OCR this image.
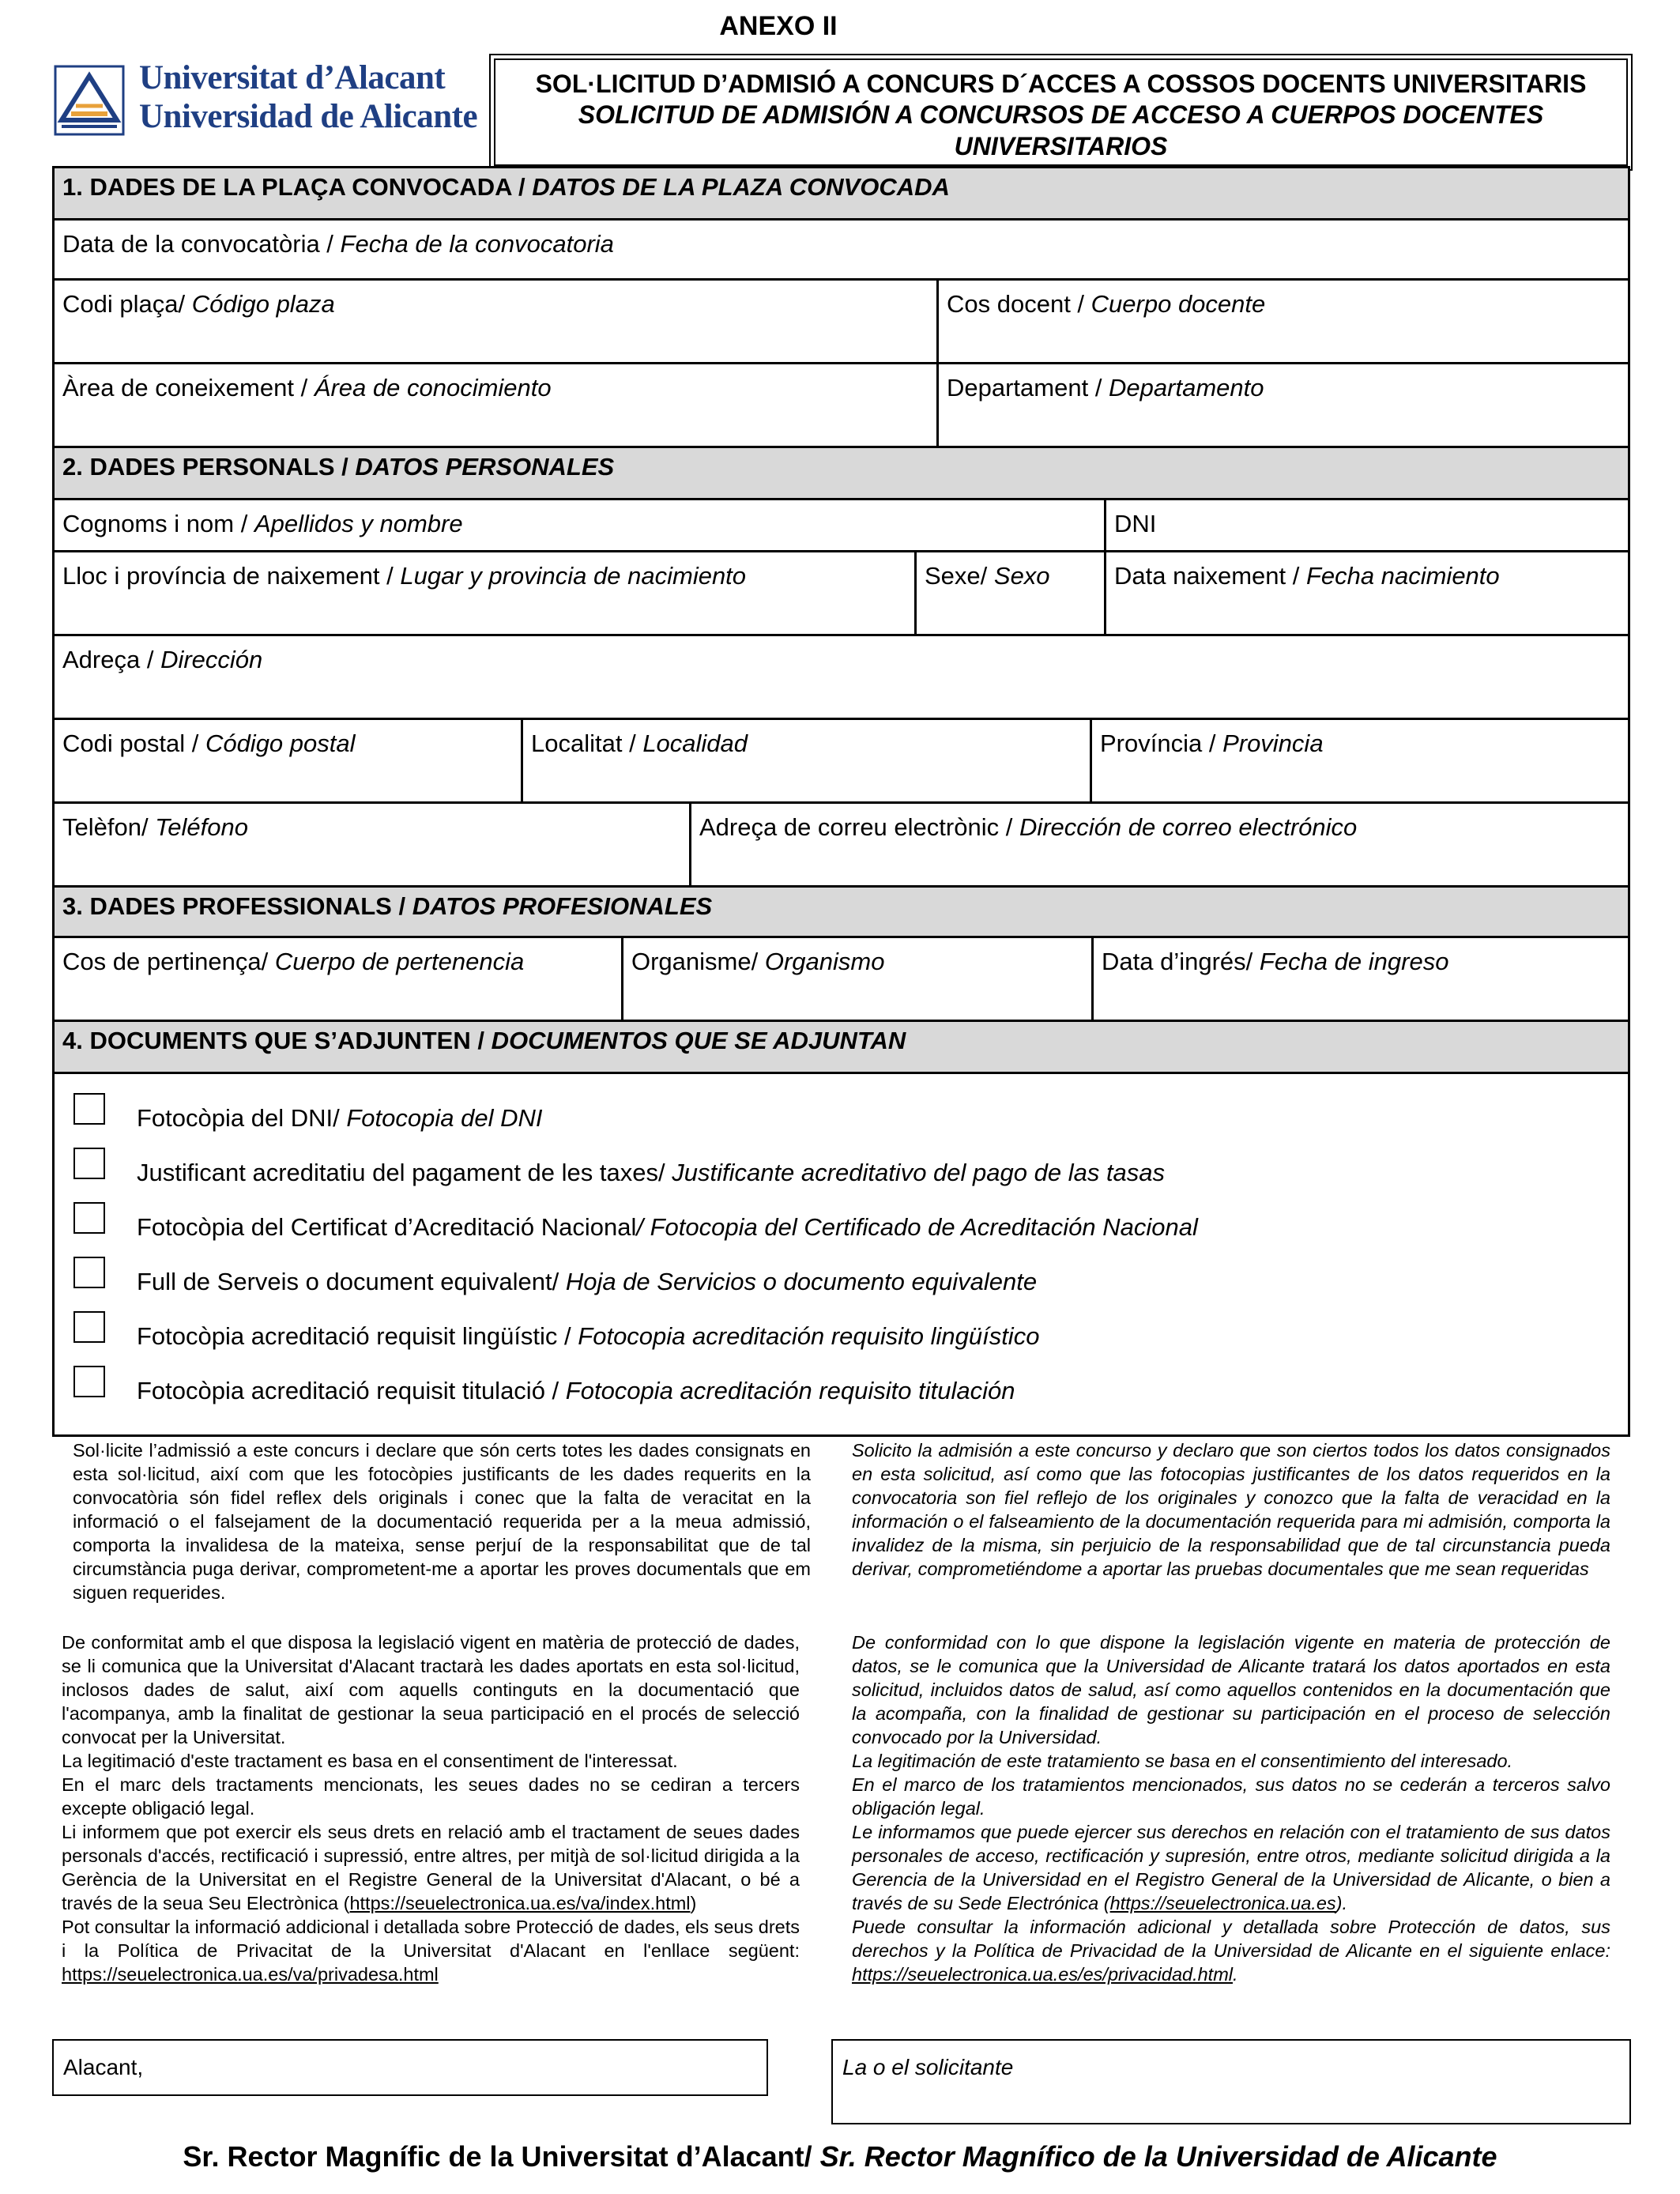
ANEXO II
Universitat d’Alacant
Universidad de Alicante
SOL·LICITUD D’ADMISIÓ A CONCURS D´ACCES A COSSOS DOCENTS UNIVERSITARIS
SOLICITUD DE ADMISIÓN A CONCURSOS DE ACCESO A CUERPOS DOCENTES
UNIVERSITARIOS
1. DADES DE LA PLAÇA CONVOCADA / DATOS DE LA PLAZA CONVOCADA
Data de la convocatòria / Fecha de la convocatoria
Codi plaça/ Código plaza	Cos docent / Cuerpo docente
Àrea de coneixement / Área de conocimiento	Departament / Departamento
2. DADES PERSONALS / DATOS PERSONALES
Cognoms i nom / Apellidos y nombre	DNI
Lloc i província de naixement / Lugar y provincia de nacimiento	Sexe/ Sexo	Data naixement / Fecha nacimiento
Adreça / Dirección
Codi postal / Código postal	Localitat / Localidad	Província / Provincia
Telèfon/ Teléfono	Adreça de correu electrònic / Dirección de correo electrónico
3. DADES PROFESSIONALS / DATOS PROFESIONALES
Cos de pertinença/ Cuerpo de pertenencia	Organisme/ Organismo	Data d’ingrés/ Fecha de ingreso
4. DOCUMENTS QUE S’ADJUNTEN / DOCUMENTOS QUE SE ADJUNTAN
Fotocòpia del DNI/ Fotocopia del DNI
Justificant acreditatiu del pagament de les taxes/ Justificante acreditativo del pago de las tasas
Fotocòpia del Certificat d’Acreditació Nacional/ Fotocopia del Certificado de Acreditación Nacional
Full de Serveis o document equivalent/ Hoja de Servicios o documento equivalente
Fotocòpia acreditació requisit lingüístic / Fotocopia acreditación requisito lingüístico
Fotocòpia acreditació requisit titulació / Fotocopia acreditación requisito titulación
Sol·licite l’admissió a este concurs i declare que són certs totes les dades consignats en esta sol·licitud, així com que les fotocòpies justificants de les dades requerits en la convocatòria són fidel reflex dels originals i conec que la falta de veracitat en la informació o el falsejament de la documentació requerida per a la meua admissió, comporta la invalidesa de la mateixa, sense perjuí de la responsabilitat que de tal circumstància puga derivar, comprometent-me a aportar les proves documentals que em siguen requerides.
Solicito la admisión a este concurso y declaro que son ciertos todos los datos consignados en esta solicitud, así como que las fotocopias justificantes de los datos requeridos en la convocatoria son fiel reflejo de los originales y conozco que la falta de veracidad en la información o el falseamiento de la documentación requerida para mi admisión, comporta la invalidez de la misma, sin perjuicio de la responsabilidad que de tal circunstancia pueda derivar, comprometiéndome a aportar las pruebas documentales que me sean requeridas
De conformitat amb el que disposa la legislació vigent en matèria de protecció de dades, se li comunica que la Universitat d'Alacant tractarà les dades aportats en esta sol·licitud, inclosos dades de salut, així com aquells continguts en la documentació que l'acompanya, amb la finalitat de gestionar la seua participació en el procés de selecció convocat per la Universitat.
La legitimació d'este tractament es basa en el consentiment de l'interessat.
En el marc dels tractaments mencionats, les seues dades no se cediran a tercers excepte obligació legal.
Li informem que pot exercir els seus drets en relació amb el tractament de seues dades personals d'accés, rectificació i supressió, entre altres, per mitjà de sol·licitud dirigida a la Gerència de la Universitat en el Registre General de la Universitat d'Alacant, o bé a través de la seua Seu Electrònica (https://seuelectronica.ua.es/va/index.html)
Pot consultar la informació addicional i detallada sobre Protecció de dades, els seus drets i la Política de Privacitat de la Universitat d'Alacant en l'enllace següent: https://seuelectronica.ua.es/va/privadesa.html
De conformidad con lo que dispone la legislación vigente en materia de protección de datos, se le comunica que la Universidad de Alicante tratará los datos aportados en esta solicitud, incluidos datos de salud, así como aquellos contenidos en la documentación que la acompaña, con la finalidad de gestionar su participación en el proceso de selección convocado por la Universidad.
La legitimación de este tratamiento se basa en el consentimiento del interesado.
En el marco de los tratamientos mencionados, sus datos no se cederán a terceros salvo obligación legal.
Le informamos que puede ejercer sus derechos en relación con el tratamiento de sus datos personales de acceso, rectificación y supresión, entre otros, mediante solicitud dirigida a la Gerencia de la Universidad en el Registro General de la Universidad de Alicante, o bien a través de su Sede Electrónica (https://seuelectronica.ua.es).
Puede consultar la información adicional y detallada sobre Protección de datos, sus derechos y la Política de Privacidad de la Universidad de Alicante en el siguiente enlace: https://seuelectronica.ua.es/es/privacidad.html.
Alacant,	La o el solicitante
Sr. Rector Magnífic de la Universitat d’Alacant/ Sr. Rector Magnífico de la Universidad de Alicante
